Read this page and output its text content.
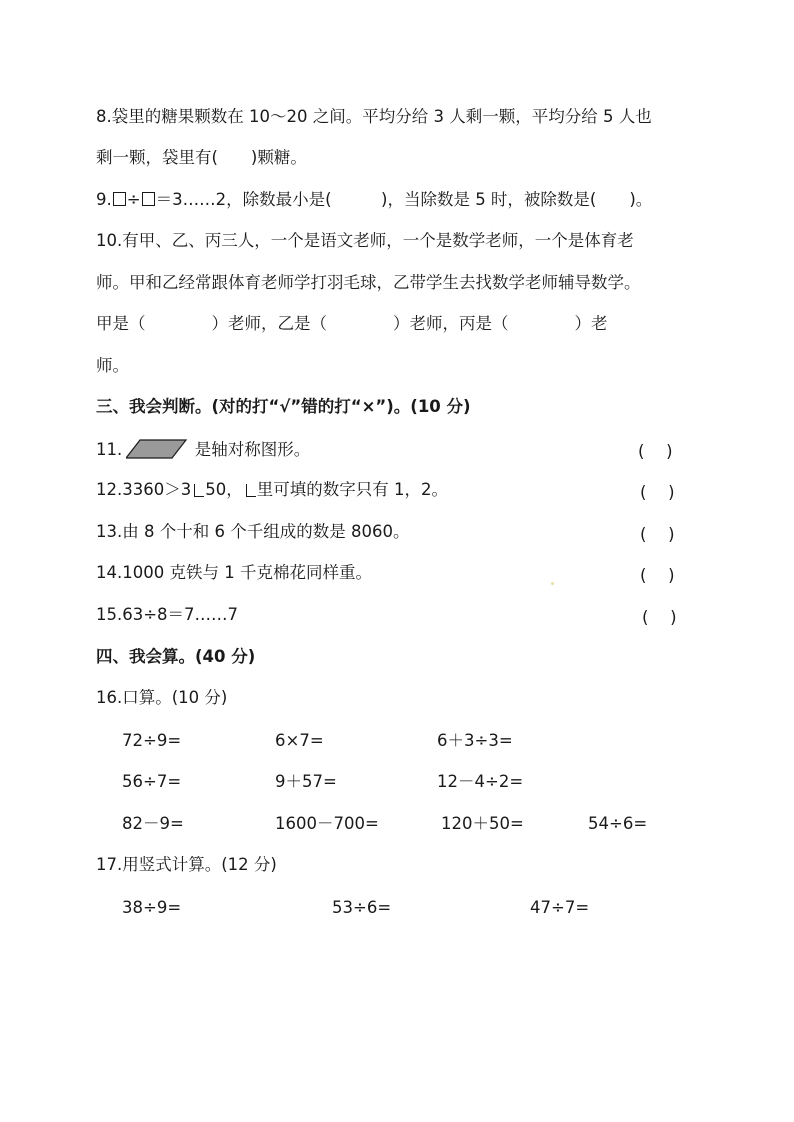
8.袋里的糖果颗数在 10～20 之间。平均分给 3 人剩一颗，平均分给 5 人也
剩一颗，袋里有(　　)颗糖。
9. ÷ ＝3……2，除数最小是(　　　)，当除数是 5 时，被除数是(　　)。
10.有甲、乙、丙三人，一个是语文老师，一个是数学老师，一个是体育老
师。甲和乙经常跟体育老师学打羽毛球，乙带学生去找数学老师辅导数学。
甲是（　　　　）老师，乙是（　　　　）老师，丙是（　　　　）老
师。
三、我会判断。(对的打“√”错的打“×”)。(10 分)
11.	是轴对称图形。	(　 )
12.3360＞3 50， 里可填的数字只有 1，2。	(　 )
13.由 8 个十和 6 个千组成的数是 8060。	(　 )
14.1000 克铁与 1 千克棉花同样重。	(　 )
15.63÷8＝7……7	(　 )
四、我会算。(40 分)
16.口算。(10 分)
72÷9=	6×7=	6＋3÷3=
56÷7=	9＋57=	12－4÷2=
82－9=	1600－700=	120＋50=	54÷6=
17.用竖式计算。(12 分)
38÷9=	53÷6=	47÷7=
